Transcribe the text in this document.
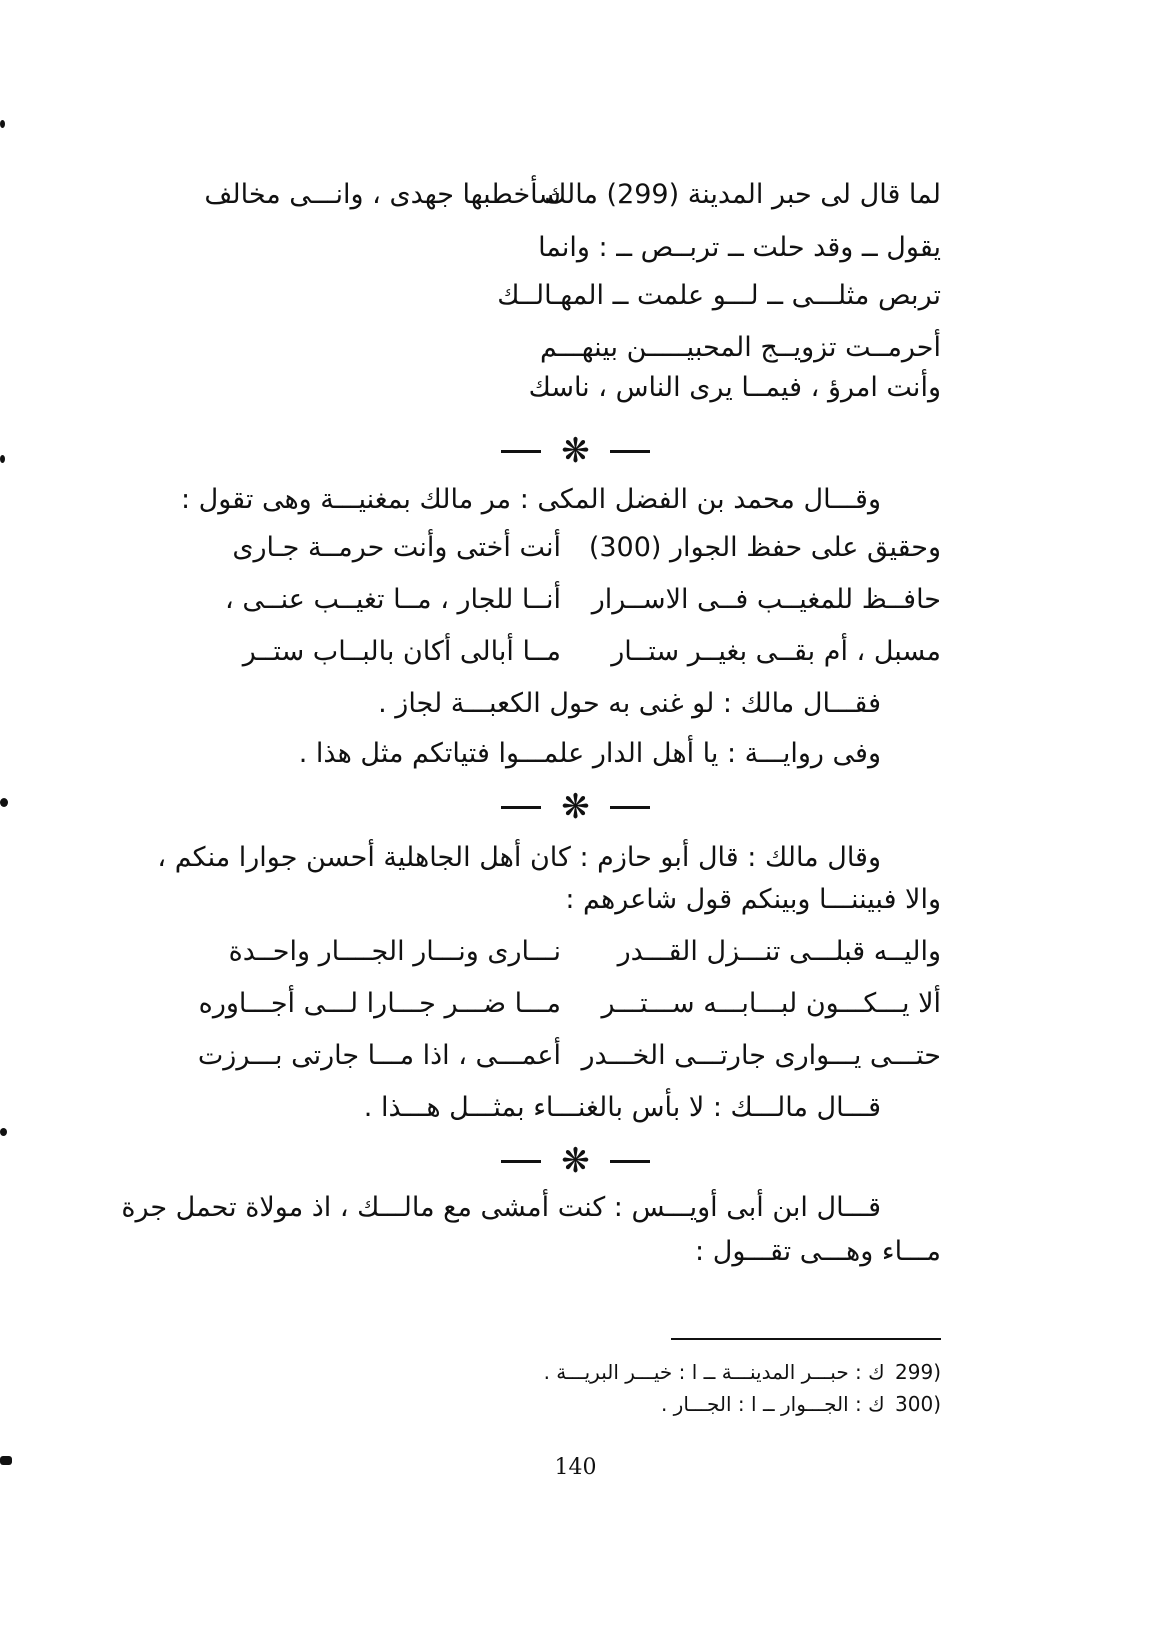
سأخطبها جهدى ، وانـــى مخالف
لما قال لى حبر المدينة (299) مالك
يقول ــ وقد حلت ــ تربــص ــ : وانما
تربص مثلـــى ــ لـــو علمت ــ المهـالــك
أحرمــت تزويــج المحبيـــــن بينهـــم
وأنت امرؤ ، فيمــا يرى الناس ، ناسك
❋
وقـــال محمد بن الفضل المكى : مر مالك بمغنيـــة وهى تقول :
أنت أختى وأنت حرمــة جـارى وحقيق على حفظ الجوار (300)
أنــا للجار ، مــا تغيــب عنــى ، حافــظ للمغيــب فــى الاســرار
مــا أبالى أكان بالبــاب ستــر	مسبل ، أم بقــى بغيــر ستــار
فقـــال مالك : لو غنى به حول الكعبـــة لجاز .
وفى روايـــة : يا أهل الدار علمـــوا فتياتكم مثل هذا .
❋
وقال مالك : قال أبو حازم : كان أهل الجاهلية أحسن جوارا منكم ،
والا فبيننـــا وبينكم قول شاعرهم :
نـــارى ونـــار الجــــار واحــدة	واليــه قبلـــى تنـــزل القـــدر
مـــا ضـــر جـــارا لـــى أجـــاوره	ألا يـــكـــون لبـــابـــه ســـتـــر
أعمـــى ، اذا مـــا جارتى بـــرزت حتـــى يـــوارى جارتـــى الخـــدر
قـــال مالـــك : لا بأس بالغنـــاء بمثـــل هـــذا .
❋
قـــال ابن أبى أويـــس : كنت أمشى مع مالـــك ، اذ مولاة تحمل جرة
مـــاء وهـــى تقـــول :
(299 ك : حبـــر المدينـــة ــ ا : خيـــر البريـــة .
(300 ك : الجـــوار ــ ا : الجـــار .
140
